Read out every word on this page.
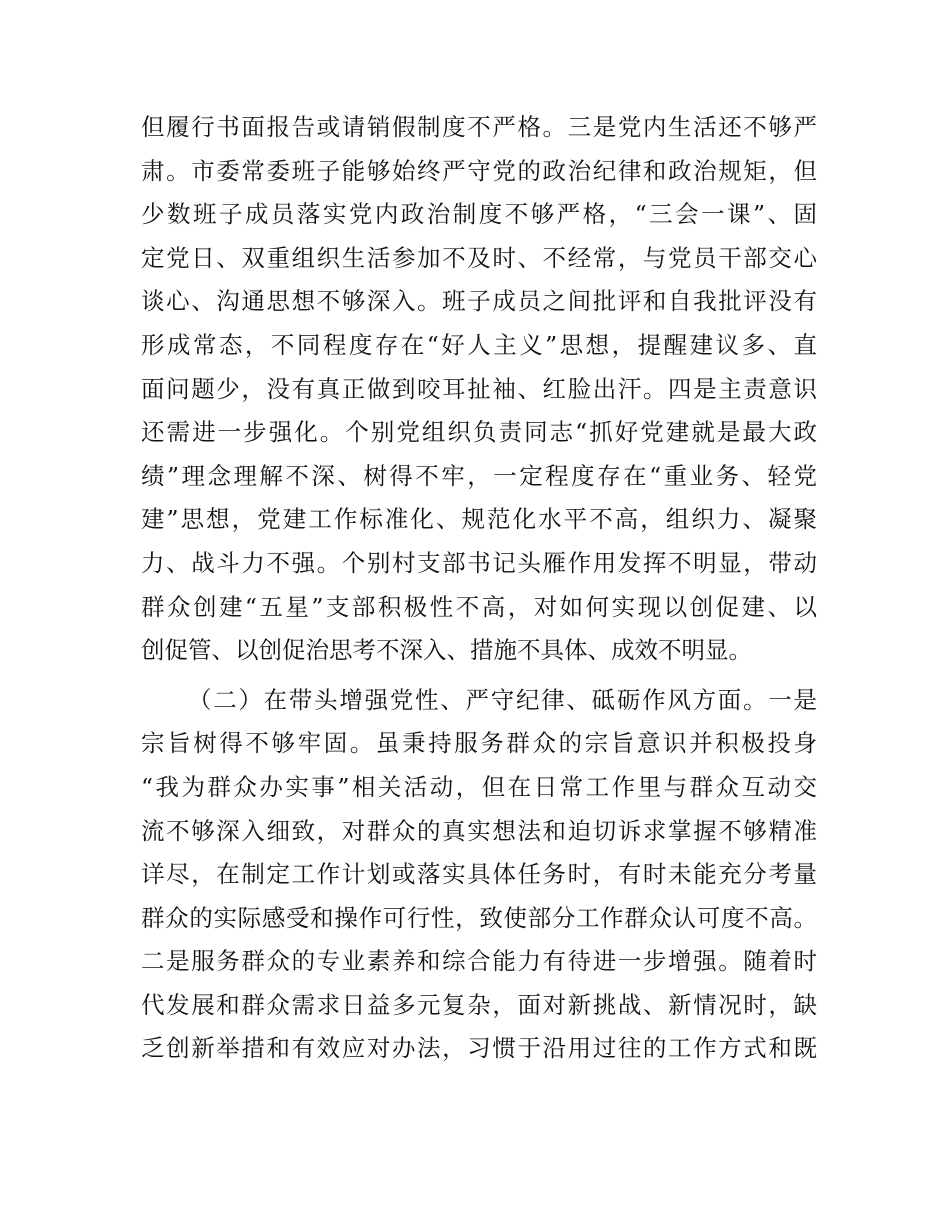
但履行书面报告或请销假制度不严格。三是党内生活还不够严
肃。市委常委班子能够始终严守党的政治纪律和政治规矩，但
少数班子成员落实党内政治制度不够严格，“三会一课”、固
定党日、双重组织生活参加不及时、不经常，与党员干部交心
谈心、沟通思想不够深入。班子成员之间批评和自我批评没有
形成常态，不同程度存在“好人主义”思想，提醒建议多、直
面问题少，没有真正做到咬耳扯袖、红脸出汗。四是主责意识
还需进一步强化。个别党组织负责同志“抓好党建就是最大政
绩”理念理解不深、树得不牢，一定程度存在“重业务、轻党
建”思想，党建工作标准化、规范化水平不高，组织力、凝聚
力、战斗力不强。个别村支部书记头雁作用发挥不明显，带动
群众创建“五星”支部积极性不高，对如何实现以创促建、以
创促管、以创促治思考不深入、措施不具体、成效不明显。
（二）在带头增强党性、严守纪律、砥砺作风方面。一是
宗旨树得不够牢固。虽秉持服务群众的宗旨意识并积极投身
“我为群众办实事”相关活动，但在日常工作里与群众互动交
流不够深入细致，对群众的真实想法和迫切诉求掌握不够精准
详尽，在制定工作计划或落实具体任务时，有时未能充分考量
群众的实际感受和操作可行性，致使部分工作群众认可度不高。
二是服务群众的专业素养和综合能力有待进一步增强。随着时
代发展和群众需求日益多元复杂，面对新挑战、新情况时，缺
乏创新举措和有效应对办法，习惯于沿用过往的工作方式和既
